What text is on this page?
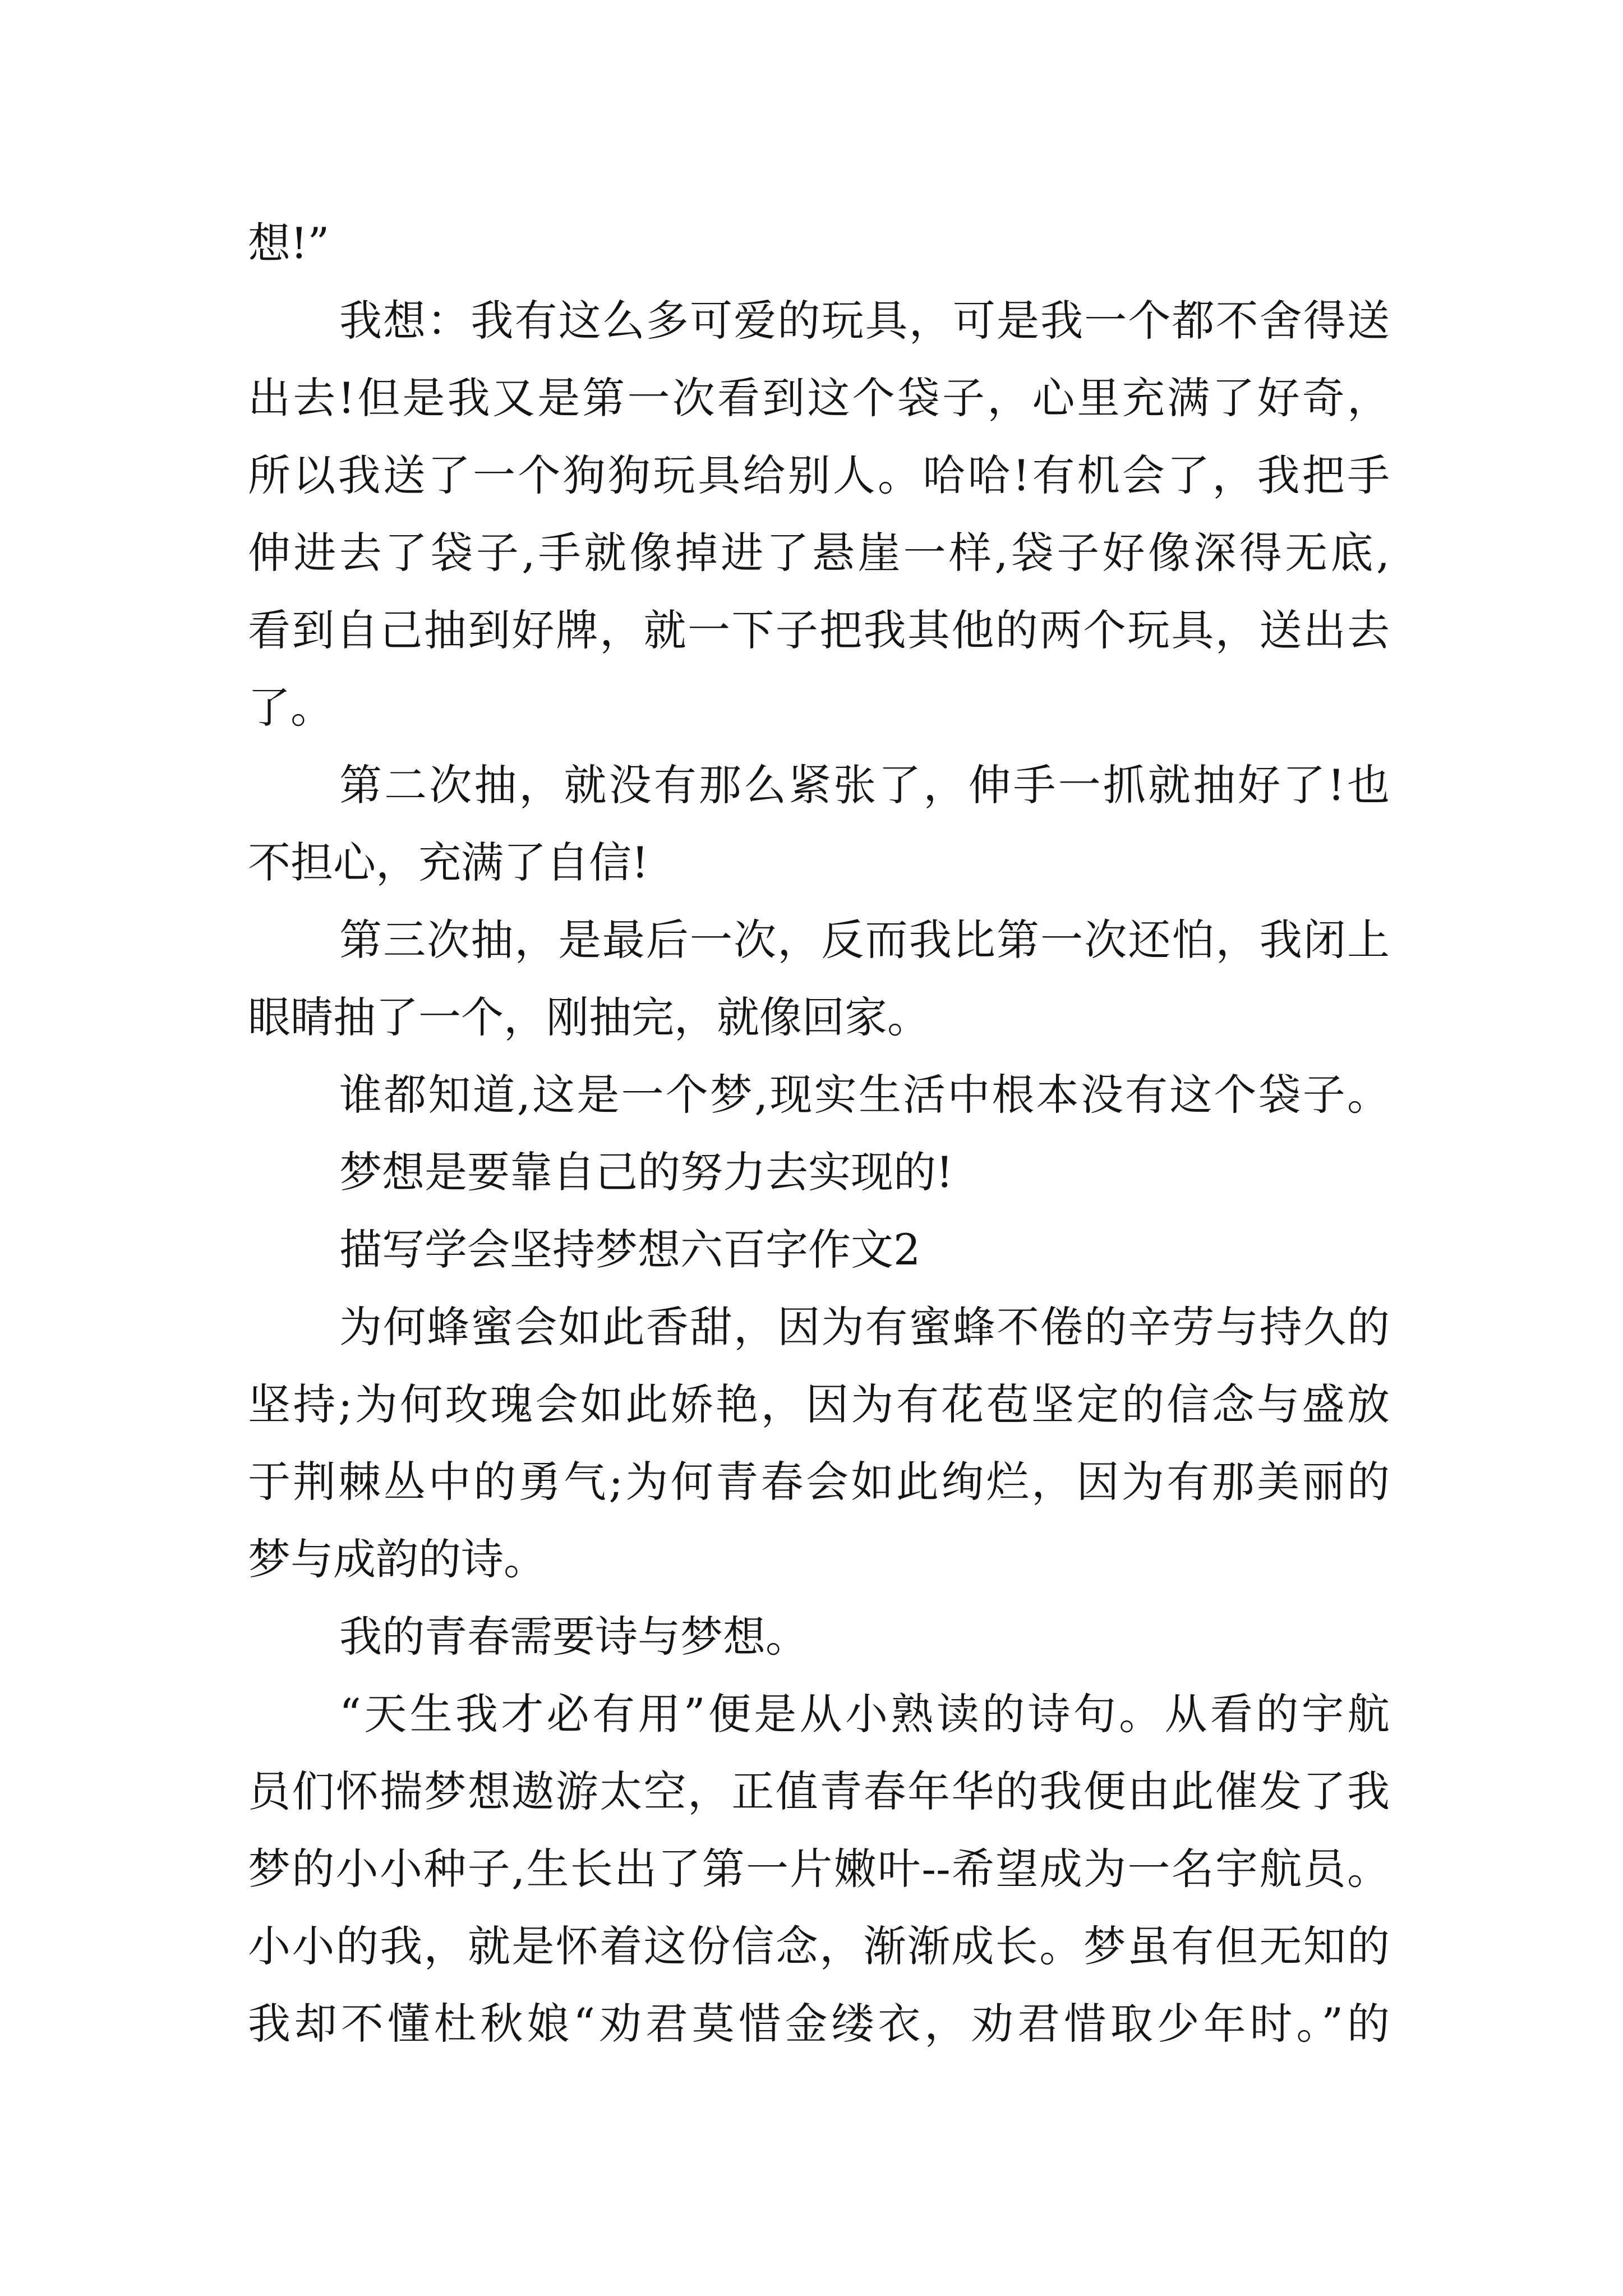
想!”
我想：我有这么多可爱的玩具，可是我一个都不舍得送
出去!但是我又是第一次看到这个袋子，心里充满了好奇，
所以我送了一个狗狗玩具给别人。哈哈!有机会了，我把手
伸进去了袋子,手就像掉进了悬崖一样,袋子好像深得无底,
看到自己抽到好牌，就一下子把我其他的两个玩具，送出去
了。
第二次抽，就没有那么紧张了，伸手一抓就抽好了!也
不担心，充满了自信!
第三次抽，是最后一次，反而我比第一次还怕，我闭上
眼睛抽了一个，刚抽完，就像回家。
谁都知道,这是一个梦,现实生活中根本没有这个袋子。
梦想是要靠自己的努力去实现的!
描写学会坚持梦想六百字作文2
为何蜂蜜会如此香甜，因为有蜜蜂不倦的辛劳与持久的
坚持;为何玫瑰会如此娇艳，因为有花苞坚定的信念与盛放
于荆棘丛中的勇气;为何青春会如此绚烂，因为有那美丽的
梦与成韵的诗。
我的青春需要诗与梦想。
“天生我才必有用”便是从小熟读的诗句。从看的宇航
员们怀揣梦想遨游太空，正值青春年华的我便由此催发了我
梦的小小种子,生长出了第一片嫩叶--希望成为一名宇航员。
小小的我，就是怀着这份信念，渐渐成长。梦虽有但无知的
我却不懂杜秋娘“劝君莫惜金缕衣，劝君惜取少年时。”的
